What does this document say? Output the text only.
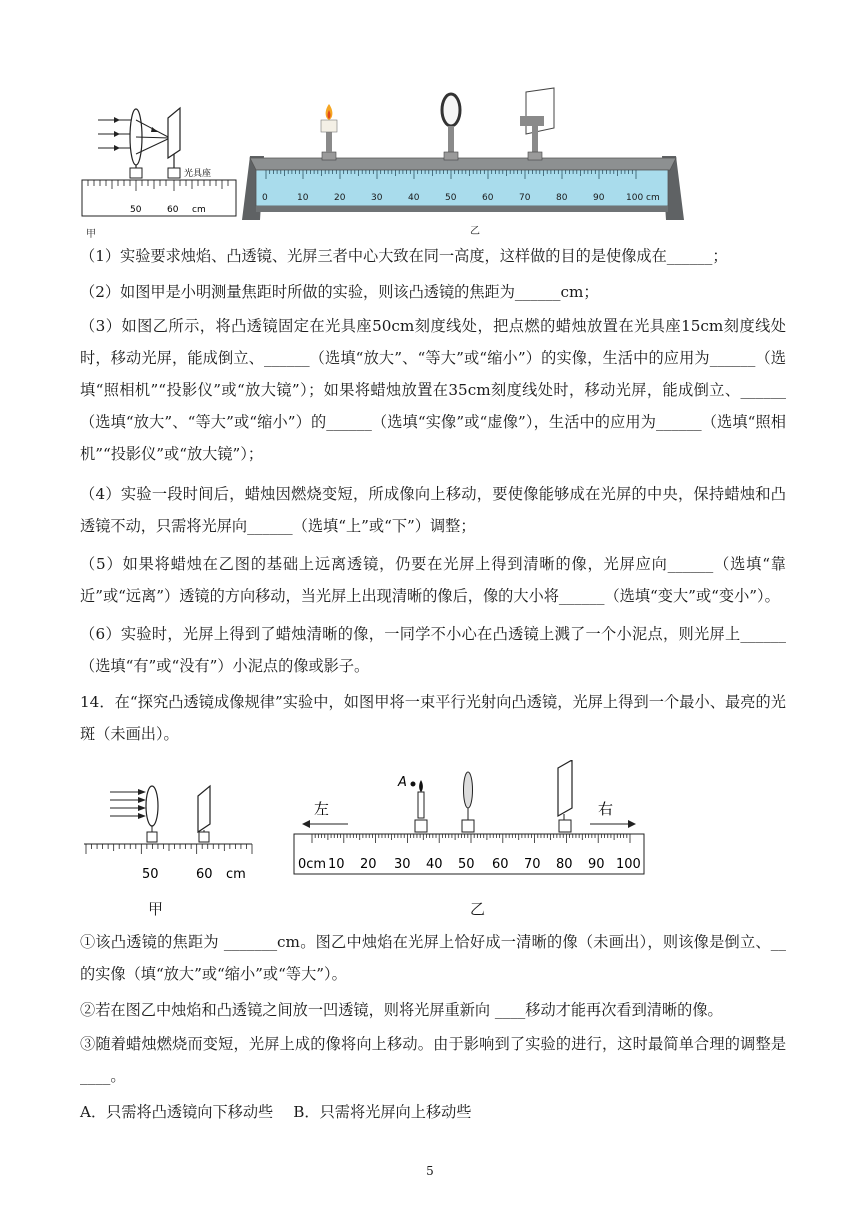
50	60 cm
光具座
甲
0	10	20	30	40	50	60	70	80	90 100 cm
乙

（1）实验要求烛焰、凸透镜、光屏三者中心大致在同一高度，这样做的目的是使像成在______；

（2）如图甲是小明测量焦距时所做的实验，则该凸透镜的焦距为______cm；

（3）如图乙所示，将凸透镜固定在光具座50cm刻度线处，把点燃的蜡烛放置在光具座15cm刻度线处时，移动光屏，能成倒立、______（选填“放大”、“等大”或“缩小”）的实像，生活中的应用为______（选填“照相机”“投影仪”或“放大镜”）；如果将蜡烛放置在35cm刻度线处时，移动光屏，能成倒立、______（选填“放大”、“等大”或“缩小”）的______（选填“实像”或“虚像”），生活中的应用为______（选填“照相机”“投影仪”或“放大镜”）；

（4）实验一段时间后，蜡烛因燃烧变短，所成像向上移动，要使像能够成在光屏的中央，保持蜡烛和凸透镜不动，只需将光屏向______（选填“上”或“下”）调整；

（5）如果将蜡烛在乙图的基础上远离透镜，仍要在光屏上得到清晰的像，光屏应向______（选填“靠近”或“远离”）透镜的方向移动，当光屏上出现清晰的像后，像的大小将______（选填“变大”或“变小”）。

（6）实验时，光屏上得到了蜡烛清晰的像，一同学不小心在凸透镜上溅了一个小泥点，则光屏上______（选填“有”或“没有”）小泥点的像或影子。

14．在“探究凸透镜成像规律”实验中，如图甲将一束平行光射向凸透镜，光屏上得到一个最小、最亮的光斑（未画出）。

50	60 cm
甲
左	右
A
0cm 10 20 30 40 50 60 70 80 90 100
乙

①该凸透镜的焦距为 _______cm。图乙中烛焰在光屏上恰好成一清晰的像（未画出），则该像是倒立、__的实像（填“放大”或“缩小”或“等大”）。

②若在图乙中烛焰和凸透镜之间放一凹透镜，则将光屏重新向 ____移动才能再次看到清晰的像。

③随着蜡烛燃烧而变短，光屏上成的像将向上移动。由于影响到了实验的进行，这时最简单合理的调整是 ____。

A．只需将凸透镜向下移动些　 B．只需将光屏向上移动些

5
